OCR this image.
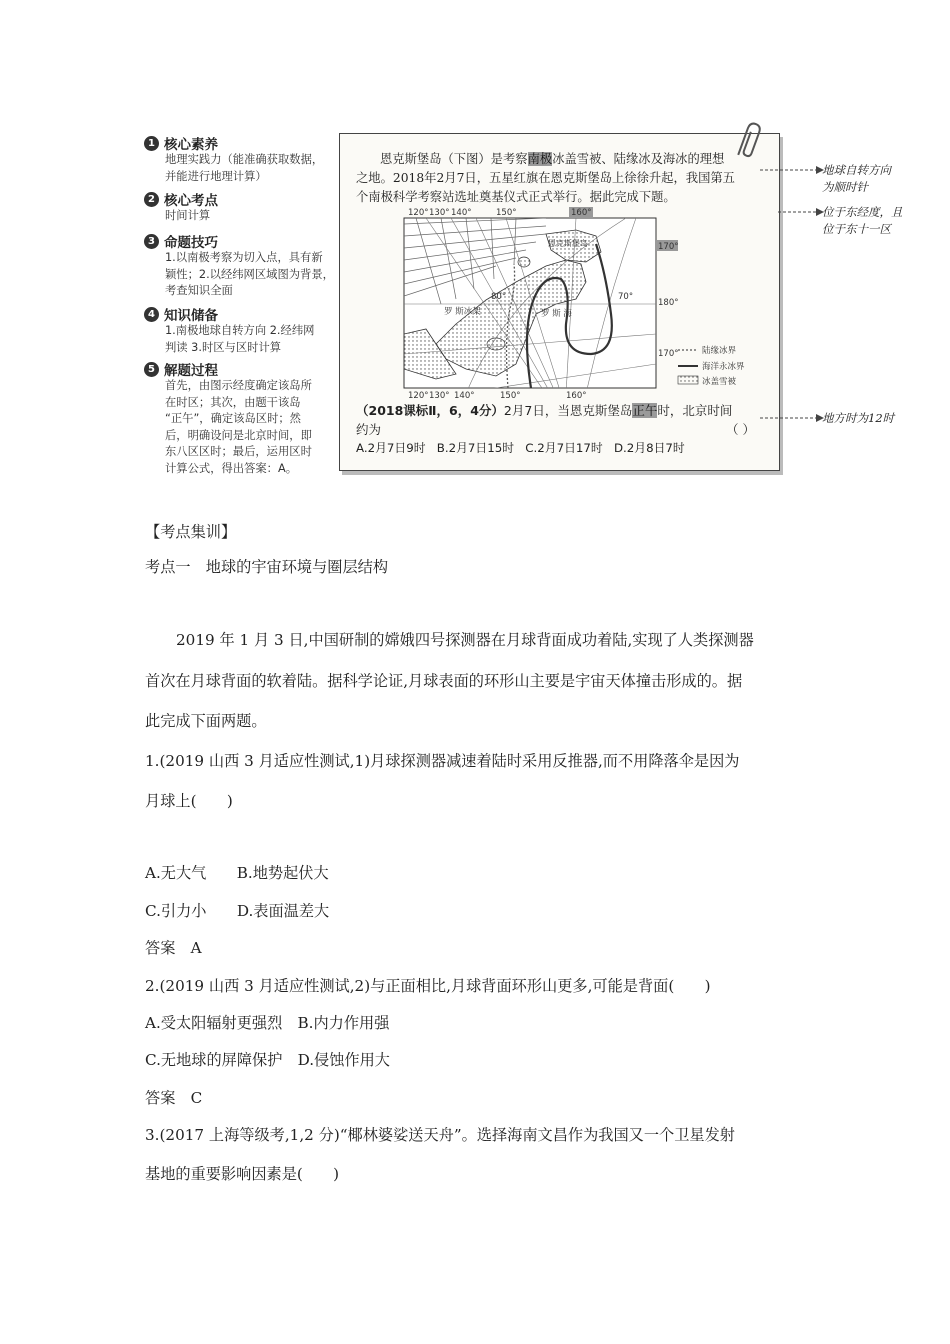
1 核心素养
地理实践力（能准确获取数据，
并能进行地理计算）
2 核心考点
时间计算
3 命题技巧
1.以南极考察为切入点，具有新
颖性；2.以经纬网区域图为背景，
考查知识全面
4 知识储备
1.南极地球自转方向 2.经纬网
判读 3.时区与区时计算
5 解题过程
首先，由图示经度确定该岛所
在时区；其次，由题干该岛
“正午”，确定该岛区时；然
后，明确设问是北京时间，即
东八区区时；最后，运用区时
计算公式，得出答案：A。
恩克斯堡岛（下图）是考察南极冰盖雪被、陆缘冰及海冰的理想
之地。2018年2月7日，五星红旗在恩克斯堡岛上徐徐升起，我国第五
个南极科学考察站选址奠基仪式正式举行。据此完成下题。
120° 130° 140°	150°	160°
120° 130° 140°	150°	160°
170°
180°
170°
80°	70°
恩克斯堡岛
罗 斯冰架	罗 斯 海
陆缘冰界
海洋永冰界
冰盖雪被
（2018课标Ⅱ，6，4分）2月7日，当恩克斯堡岛正午时，北京时间
约为	（ ）
A.2月7日9时 B.2月7日15时 C.2月7日17时 D.2月8日7时
地球自转方向
为顺时针
位于东经度，且
位于东十一区
地方时为12时
【考点集训】
考点一　地球的宇宙环境与圈层结构
2019 年 1 月 3 日,中国研制的嫦娥四号探测器在月球背面成功着陆,实现了人类探测器
首次在月球背面的软着陆。据科学论证,月球表面的环形山主要是宇宙天体撞击形成的。据
此完成下面两题。
1.(2019 山西 3 月适应性测试,1)月球探测器减速着陆时采用反推器,而不用降落伞是因为
月球上(　　)
A.无大气　　B.地势起伏大
C.引力小　　D.表面温差大
答案　A
2.(2019 山西 3 月适应性测试,2)与正面相比,月球背面环形山更多,可能是背面(　　)
A.受太阳辐射更强烈　B.内力作用强
C.无地球的屏障保护　D.侵蚀作用大
答案　C
3.(2017 上海等级考,1,2 分)“椰林婆娑送天舟”。选择海南文昌作为我国又一个卫星发射
基地的重要影响因素是(　　)
